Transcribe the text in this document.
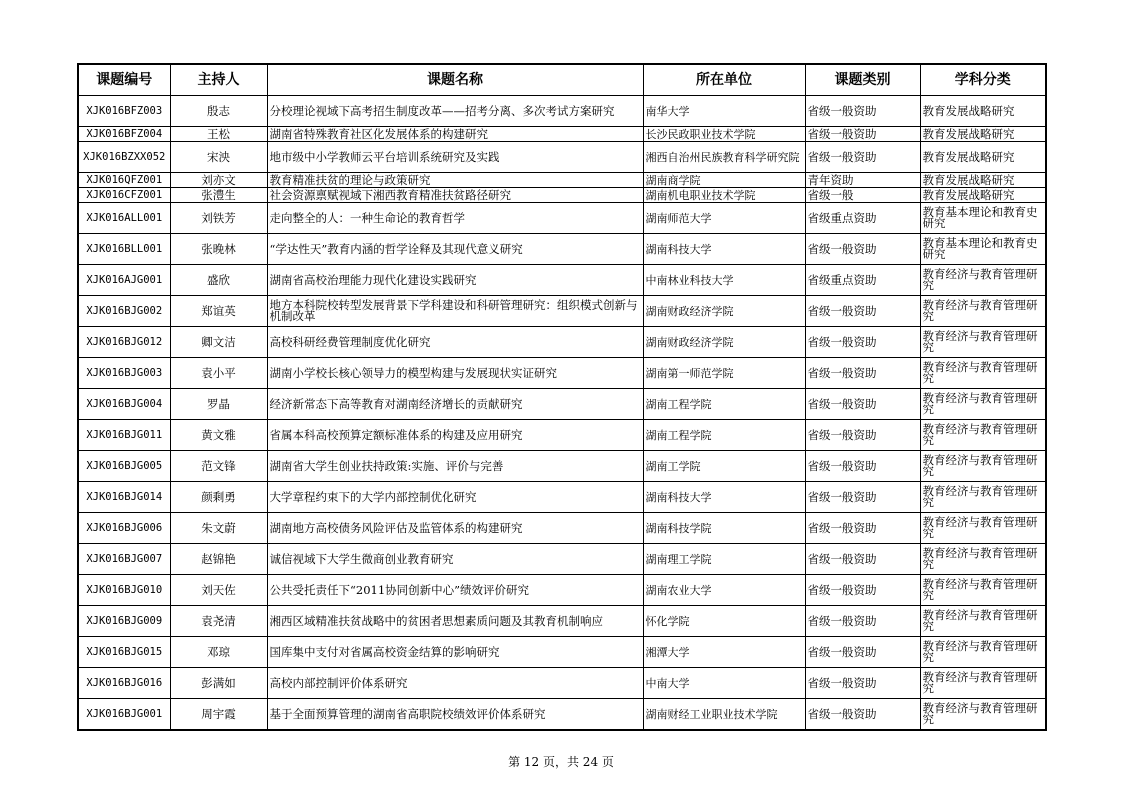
课题编号	主持人	课题名称	所在单位	课题类别	学科分类
XJK016BFZ003	殷志	分校理论视域下高考招生制度改革——招考分离、多次考试方案研究	南华大学	省级一般资助	教育发展战略研究
XJK016BFZ004	王松	湖南省特殊教育社区化发展体系的构建研究	长沙民政职业技术学院	省级一般资助	教育发展战略研究
XJK016BZXX052	宋泱	地市级中小学教师云平台培训系统研究及实践	湘西自治州民族教育科学研究院	省级一般资助	教育发展战略研究
XJK016QFZ001	刘亦文	教育精准扶贫的理论与政策研究	湖南商学院	青年资助	教育发展战略研究
XJK016CFZ001	张澧生	社会资源禀赋视域下湘西教育精准扶贫路径研究	湖南机电职业技术学院	省级一般	教育发展战略研究
XJK016ALL001	刘铁芳	走向整全的人：一种生命论的教育哲学	湖南师范大学	省级重点资助	教育基本理论和教育史研究
XJK016BLL001	张晚林	“学达性天”教育内涵的哲学诠释及其现代意义研究	湖南科技大学	省级一般资助	教育基本理论和教育史研究
XJK016AJG001	盛欣	湖南省高校治理能力现代化建设实践研究	中南林业科技大学	省级重点资助	教育经济与教育管理研究
XJK016BJG002	郑谊英	地方本科院校转型发展背景下学科建设和科研管理研究：组织模式创新与机制改革	湖南财政经济学院	省级一般资助	教育经济与教育管理研究
XJK016BJG012	卿文洁	高校科研经费管理制度优化研究	湖南财政经济学院	省级一般资助	教育经济与教育管理研究
XJK016BJG003	袁小平	湖南小学校长核心领导力的模型构建与发展现状实证研究	湖南第一师范学院	省级一般资助	教育经济与教育管理研究
XJK016BJG004	罗晶	经济新常态下高等教育对湖南经济增长的贡献研究	湖南工程学院	省级一般资助	教育经济与教育管理研究
XJK016BJG011	黄文雅	省属本科高校预算定额标准体系的构建及应用研究	湖南工程学院	省级一般资助	教育经济与教育管理研究
XJK016BJG005	范文锋	湖南省大学生创业扶持政策:实施、评价与完善	湖南工学院	省级一般资助	教育经济与教育管理研究
XJK016BJG014	颜剩勇	大学章程约束下的大学内部控制优化研究	湖南科技大学	省级一般资助	教育经济与教育管理研究
XJK016BJG006	朱文蔚	湖南地方高校债务风险评估及监管体系的构建研究	湖南科技学院	省级一般资助	教育经济与教育管理研究
XJK016BJG007	赵锦艳	诚信视域下大学生微商创业教育研究	湖南理工学院	省级一般资助	教育经济与教育管理研究
XJK016BJG010	刘天佐	公共受托责任下“2011协同创新中心”绩效评价研究	湖南农业大学	省级一般资助	教育经济与教育管理研究
XJK016BJG009	袁尧清	湘西区域精准扶贫战略中的贫困者思想素质问题及其教育机制响应	怀化学院	省级一般资助	教育经济与教育管理研究
XJK016BJG015	邓琼	国库集中支付对省属高校资金结算的影响研究	湘潭大学	省级一般资助	教育经济与教育管理研究
XJK016BJG016	彭满如	高校内部控制评价体系研究	中南大学	省级一般资助	教育经济与教育管理研究
XJK016BJG001	周宇霞	基于全面预算管理的湖南省高职院校绩效评价体系研究	湖南财经工业职业技术学院	省级一般资助	教育经济与教育管理研究
第 12 页，共 24 页
